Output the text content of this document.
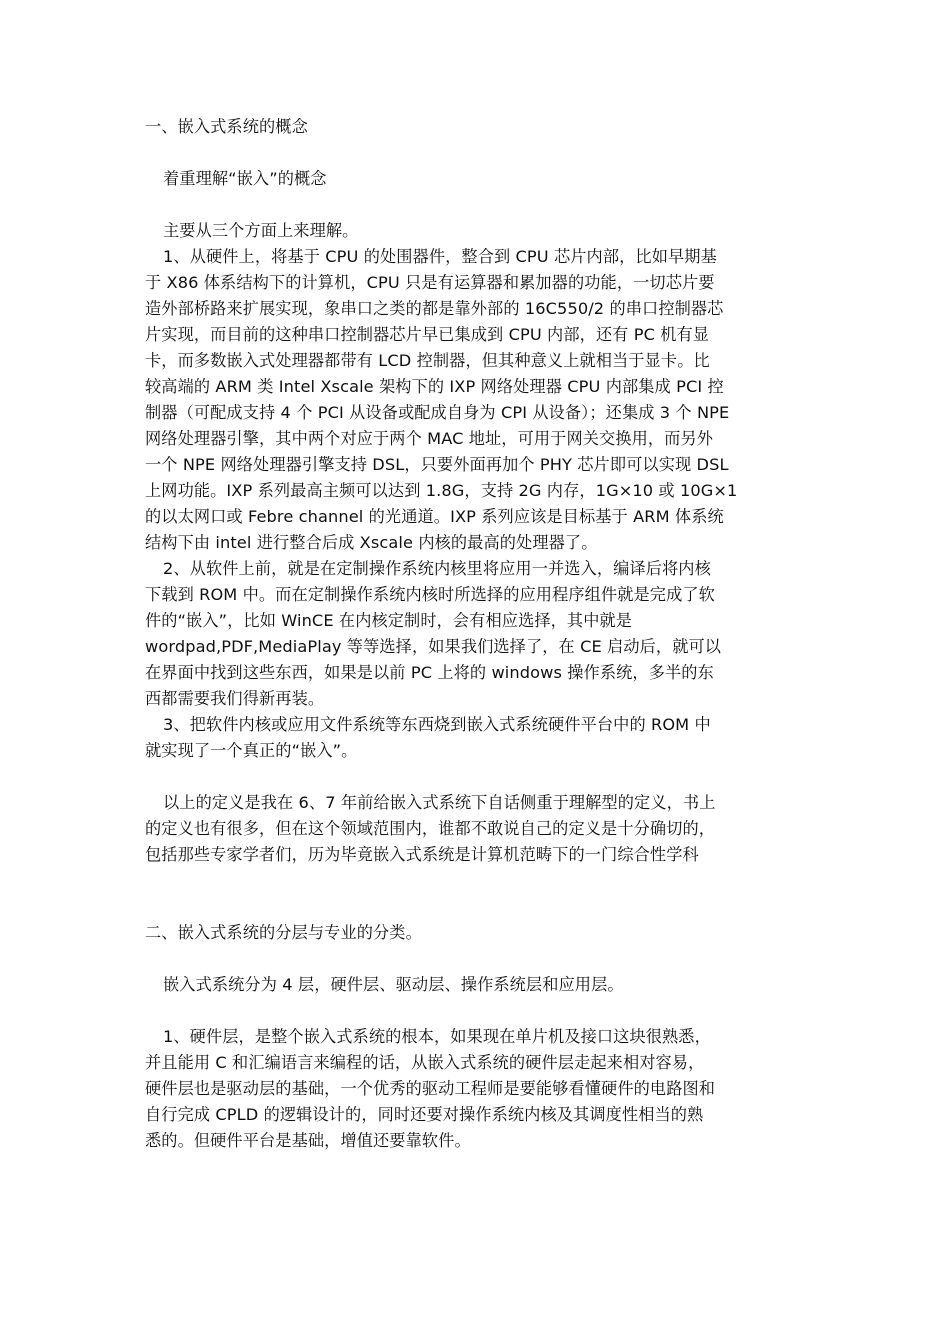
一、嵌入式系统的概念
着重理解“嵌入”的概念
主要从三个方面上来理解。
1、从硬件上，将基于 CPU 的处围器件，整合到 CPU 芯片内部，比如早期基
于 X86 体系结构下的计算机，CPU 只是有运算器和累加器的功能，一切芯片要
造外部桥路来扩展实现，象串口之类的都是靠外部的 16C550/2 的串口控制器芯
片实现，而目前的这种串口控制器芯片早已集成到 CPU 内部，还有 PC 机有显
卡，而多数嵌入式处理器都带有 LCD 控制器，但其种意义上就相当于显卡。比
较高端的 ARM 类 Intel Xscale 架构下的 IXP 网络处理器 CPU 内部集成 PCI 控
制器（可配成支持 4 个 PCI 从设备或配成自身为 CPI 从设备）；还集成 3 个 NPE
网络处理器引擎，其中两个对应于两个 MAC 地址，可用于网关交换用，而另外
一个 NPE 网络处理器引擎支持 DSL，只要外面再加个 PHY 芯片即可以实现 DSL
上网功能。IXP 系列最高主频可以达到 1.8G，支持 2G 内存，1G×10 或 10G×1
的以太网口或 Febre channel 的光通道。IXP 系列应该是目标基于 ARM 体系统
结构下由 intel 进行整合后成 Xscale 内核的最高的处理器了。
2、从软件上前，就是在定制操作系统内核里将应用一并选入，编译后将内核
下载到 ROM 中。而在定制操作系统内核时所选择的应用程序组件就是完成了软
件的“嵌入”，比如 WinCE 在内核定制时，会有相应选择，其中就是
wordpad,PDF,MediaPlay 等等选择，如果我们选择了，在 CE 启动后，就可以
在界面中找到这些东西，如果是以前 PC 上将的 windows 操作系统，多半的东
西都需要我们得新再装。
3、把软件内核或应用文件系统等东西烧到嵌入式系统硬件平台中的 ROM 中
就实现了一个真正的“嵌入”。
以上的定义是我在 6、7 年前给嵌入式系统下自话侧重于理解型的定义，书上
的定义也有很多，但在这个领域范围内，谁都不敢说自己的定义是十分确切的，
包括那些专家学者们，历为毕竟嵌入式系统是计算机范畴下的一门综合性学科
二、嵌入式系统的分层与专业的分类。
嵌入式系统分为 4 层，硬件层、驱动层、操作系统层和应用层。
1、硬件层，是整个嵌入式系统的根本，如果现在单片机及接口这块很熟悉，
并且能用 C 和汇编语言来编程的话，从嵌入式系统的硬件层走起来相对容易，
硬件层也是驱动层的基础，一个优秀的驱动工程师是要能够看懂硬件的电路图和
自行完成 CPLD 的逻辑设计的，同时还要对操作系统内核及其调度性相当的熟
悉的。但硬件平台是基础，增值还要靠软件。
